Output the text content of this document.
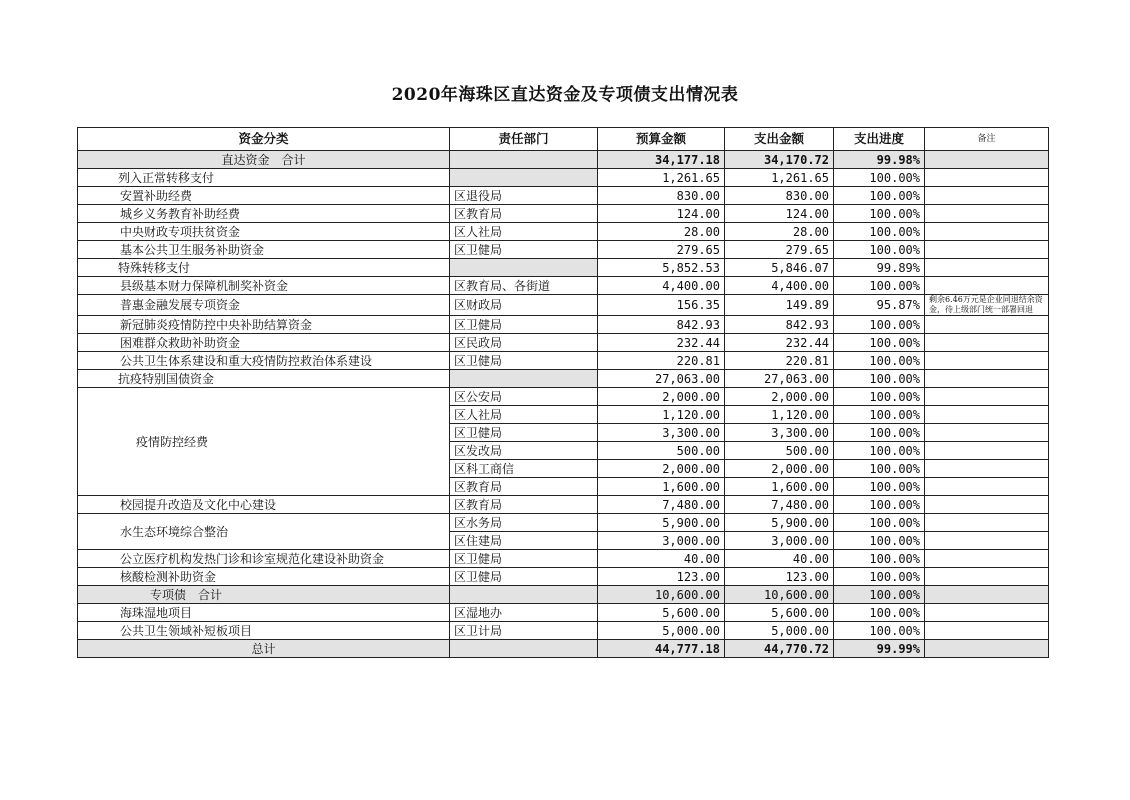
2020年海珠区直达资金及专项债支出情况表
资金分类	责任部门	预算金额	支出金额	支出进度	备注
直达资金　合计		34,177.18	34,170.72	99.98%	
列入正常转移支付		1,261.65	1,261.65	100.00%	
安置补助经费	区退役局	830.00	830.00	100.00%	
城乡义务教育补助经费	区教育局	124.00	124.00	100.00%	
中央财政专项扶贫资金	区人社局	28.00	28.00	100.00%	
基本公共卫生服务补助资金	区卫健局	279.65	279.65	100.00%	
特殊转移支付		5,852.53	5,846.07	99.89%	
县级基本财力保障机制奖补资金	区教育局、各街道	4,400.00	4,400.00	100.00%	
普惠金融发展专项资金	区财政局	156.35	149.89	95.87%	剩余6.46万元是企业同退结余资金，待上级部门统一部署回退
新冠肺炎疫情防控中央补助结算资金	区卫健局	842.93	842.93	100.00%	
困难群众救助补助资金	区民政局	232.44	232.44	100.00%	
公共卫生体系建设和重大疫情防控救治体系建设	区卫健局	220.81	220.81	100.00%	
抗疫特别国债资金		27,063.00	27,063.00	100.00%	
疫情防控经费	区公安局	2,000.00	2,000.00	100.00%	
	区人社局	1,120.00	1,120.00	100.00%	
	区卫健局	3,300.00	3,300.00	100.00%	
	区发改局	500.00	500.00	100.00%	
	区科工商信	2,000.00	2,000.00	100.00%	
	区教育局	1,600.00	1,600.00	100.00%	
校园提升改造及文化中心建设	区教育局	7,480.00	7,480.00	100.00%	
水生态环境综合整治	区水务局	5,900.00	5,900.00	100.00%	
	区住建局	3,000.00	3,000.00	100.00%	
公立医疗机构发热门诊和诊室规范化建设补助资金	区卫健局	40.00	40.00	100.00%	
核酸检测补助资金	区卫健局	123.00	123.00	100.00%	
专项债　合计		10,600.00	10,600.00	100.00%	
海珠湿地项目	区湿地办	5,600.00	5,600.00	100.00%	
公共卫生领域补短板项目	区卫计局	5,000.00	5,000.00	100.00%	
总计		44,777.18	44,770.72	99.99%	
